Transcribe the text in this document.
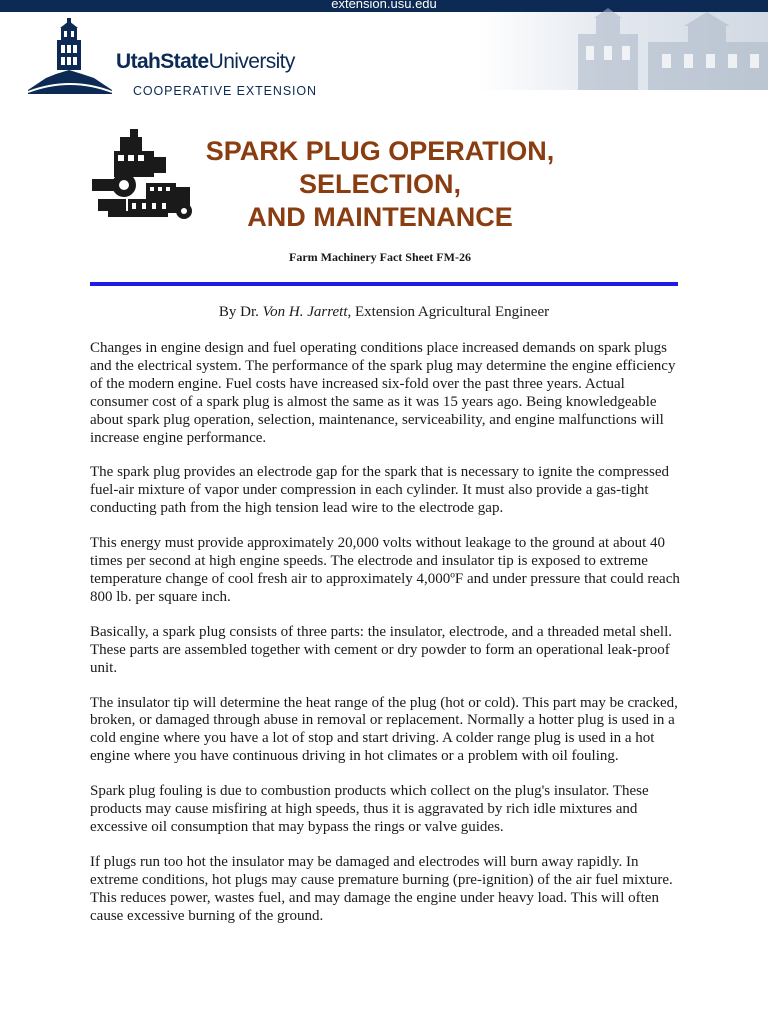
extension.usu.edu
UtahStateUniversity
COOPERATIVE EXTENSION
SPARK PLUG OPERATION,
SELECTION,
AND MAINTENANCE
Farm Machinery Fact Sheet FM-26
By Dr. Von H. Jarrett, Extension Agricultural Engineer

Changes in engine design and fuel operating conditions place increased demands on spark plugs and the electrical system. The performance of the spark plug may determine the engine efficiency of the modern engine. Fuel costs have increased six-fold over the past three years. Actual consumer cost of a spark plug is almost the same as it was 15 years ago. Being knowledgeable about spark plug operation, selection, maintenance, serviceability, and engine malfunctions will increase engine performance.

The spark plug provides an electrode gap for the spark that is necessary to ignite the compressed fuel-air mixture of vapor under compression in each cylinder. It must also provide a gas-tight conducting path from the high tension lead wire to the electrode gap.

This energy must provide approximately 20,000 volts without leakage to the ground at about 40 times per second at high engine speeds. The electrode and insulator tip is exposed to extreme temperature change of cool fresh air to approximately 4,000ºF and under pressure that could reach 800 lb. per square inch.

Basically, a spark plug consists of three parts: the insulator, electrode, and a threaded metal shell. These parts are assembled together with cement or dry powder to form an operational leak-proof unit.

The insulator tip will determine the heat range of the plug (hot or cold). This part may be cracked, broken, or damaged through abuse in removal or replacement. Normally a hotter plug is used in a cold engine where you have a lot of stop and start driving. A colder range plug is used in a hot engine where you have continuous driving in hot climates or a problem with oil fouling.

Spark plug fouling is due to combustion products which collect on the plug's insulator. These products may cause misfiring at high speeds, thus it is aggravated by rich idle mixtures and excessive oil consumption that may bypass the rings or valve guides.

If plugs run too hot the insulator may be damaged and electrodes will burn away rapidly. In extreme conditions, hot plugs may cause premature burning (pre-ignition) of the air fuel mixture. This reduces power, wastes fuel, and may damage the engine under heavy load. This will often cause excessive burning of the ground.
